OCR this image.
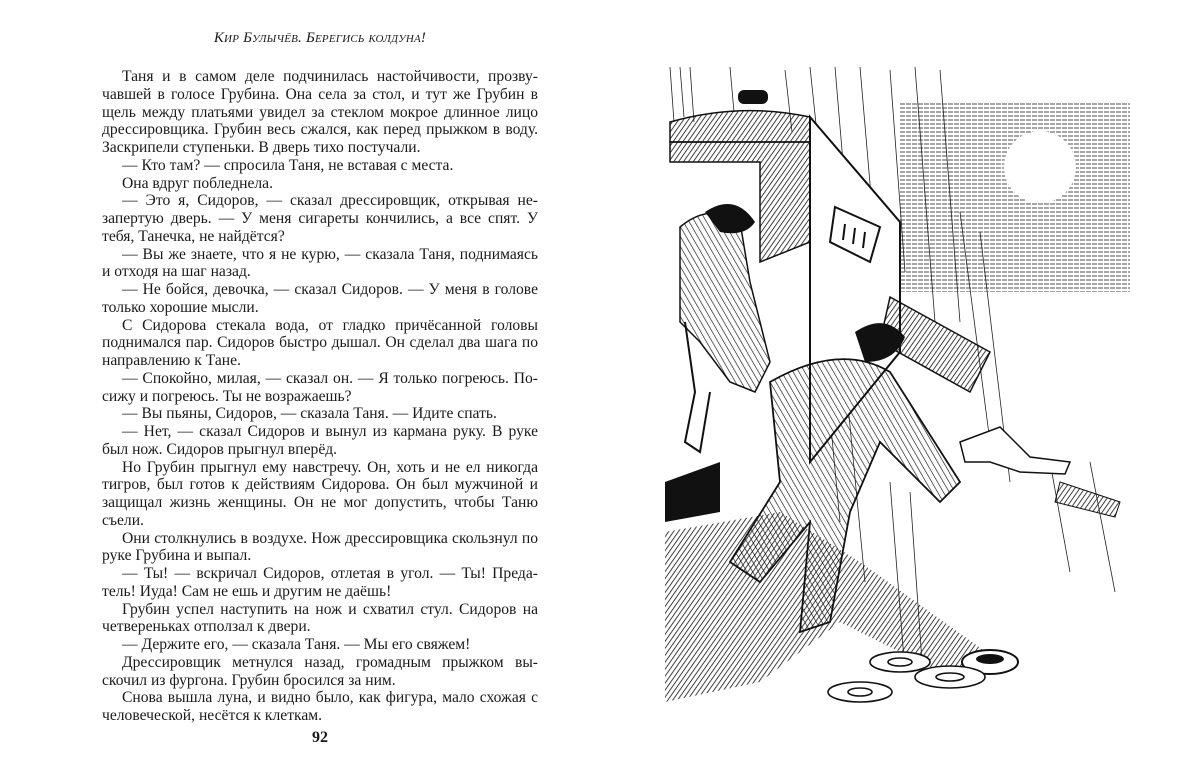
Кир Булычёв. Берегись колдуна!

Таня и в самом деле подчинилась настойчивости, прозвучавшей в голосе Грубина. Она села за стол, и тут же Грубин в щель между платьями увидел за стеклом мокрое длинное лицо дрессировщика. Грубин весь сжался, как перед прыжком в воду. Заскрипели ступеньки. В дверь тихо постучали.

— Кто там? — спросила Таня, не вставая с места.

Она вдруг побледнела.

— Это я, Сидоров, — сказал дрессировщик, открывая незапертую дверь. — У меня сигареты кончились, а все спят. У тебя, Танечка, не найдётся?

— Вы же знаете, что я не курю, — сказала Таня, поднимаясь и отходя на шаг назад.

— Не бойся, девочка, — сказал Сидоров. — У меня в голове только хорошие мысли.

С Сидорова стекала вода, от гладко причёсанной головы поднимался пар. Сидоров быстро дышал. Он сделал два шага по направлению к Тане.

— Спокойно, милая, — сказал он. — Я только погреюсь. Посижу и погреюсь. Ты не возражаешь?

— Вы пьяны, Сидоров, — сказала Таня. — Идите спать.

— Нет, — сказал Сидоров и вынул из кармана руку. В руке был нож. Сидоров прыгнул вперёд.

Но Грубин прыгнул ему навстречу. Он, хоть и не ел никогда тигров, был готов к действиям Сидорова. Он был мужчиной и защищал жизнь женщины. Он не мог допустить, чтобы Таню съели.

Они столкнулись в воздухе. Нож дрессировщика скользнул по руке Грубина и выпал.

— Ты! — вскричал Сидоров, отлетая в угол. — Ты! Предатель! Иуда! Сам не ешь и другим не даёшь!

Грубин успел наступить на нож и схватил стул. Сидоров на четвереньках отползал к двери.

— Держите его, — сказала Таня. — Мы его свяжем!

Дрессировщик метнулся назад, громадным прыжком выскочил из фургона. Грубин бросился за ним.

Снова вышла луна, и видно было, как фигура, мало схожая с человеческой, несётся к клеткам.

92
